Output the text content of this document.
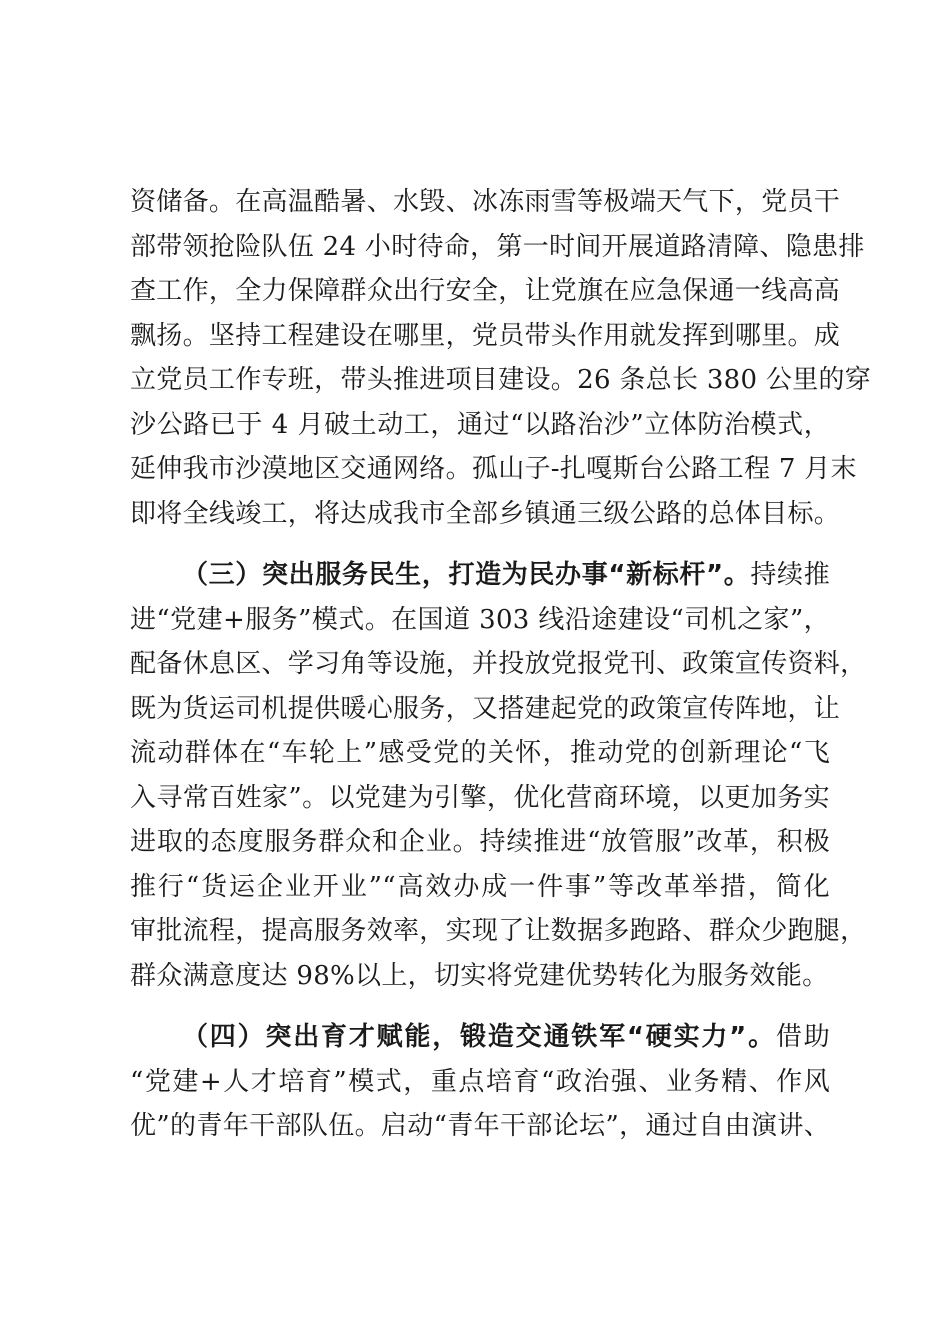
资储备。在高温酷暑、水毁、冰冻雨雪等极端天气下，党员干
部带领抢险队伍 24 小时待命，第一时间开展道路清障、隐患排
查工作，全力保障群众出行安全，让党旗在应急保通一线高高
飘扬。坚持工程建设在哪里，党员带头作用就发挥到哪里。成
立党员工作专班，带头推进项目建设。26 条总长 380 公里的穿
沙公路已于 4 月破土动工，通过“以路治沙”立体防治模式，
延伸我市沙漠地区交通网络。孤山子-扎嘎斯台公路工程 7 月末
即将全线竣工，将达成我市全部乡镇通三级公路的总体目标。
（三）突出服务民生，打造为民办事“新标杆”。持续推
进“党建+服务”模式。在国道 303 线沿途建设“司机之家”，
配备休息区、学习角等设施，并投放党报党刊、政策宣传资料，
既为货运司机提供暖心服务，又搭建起党的政策宣传阵地，让
流动群体在“车轮上”感受党的关怀，推动党的创新理论“飞
入寻常百姓家”。以党建为引擎，优化营商环境，以更加务实
进取的态度服务群众和企业。持续推进“放管服”改革，积极
推行“货运企业开业”“高效办成一件事”等改革举措，简化
审批流程，提高服务效率，实现了让数据多跑路、群众少跑腿，
群众满意度达 98%以上，切实将党建优势转化为服务效能。
（四）突出育才赋能，锻造交通铁军“硬实力”。借助
“党建+人才培育”模式，重点培育“政治强、业务精、作风
优”的青年干部队伍。启动“青年干部论坛”，通过自由演讲、
